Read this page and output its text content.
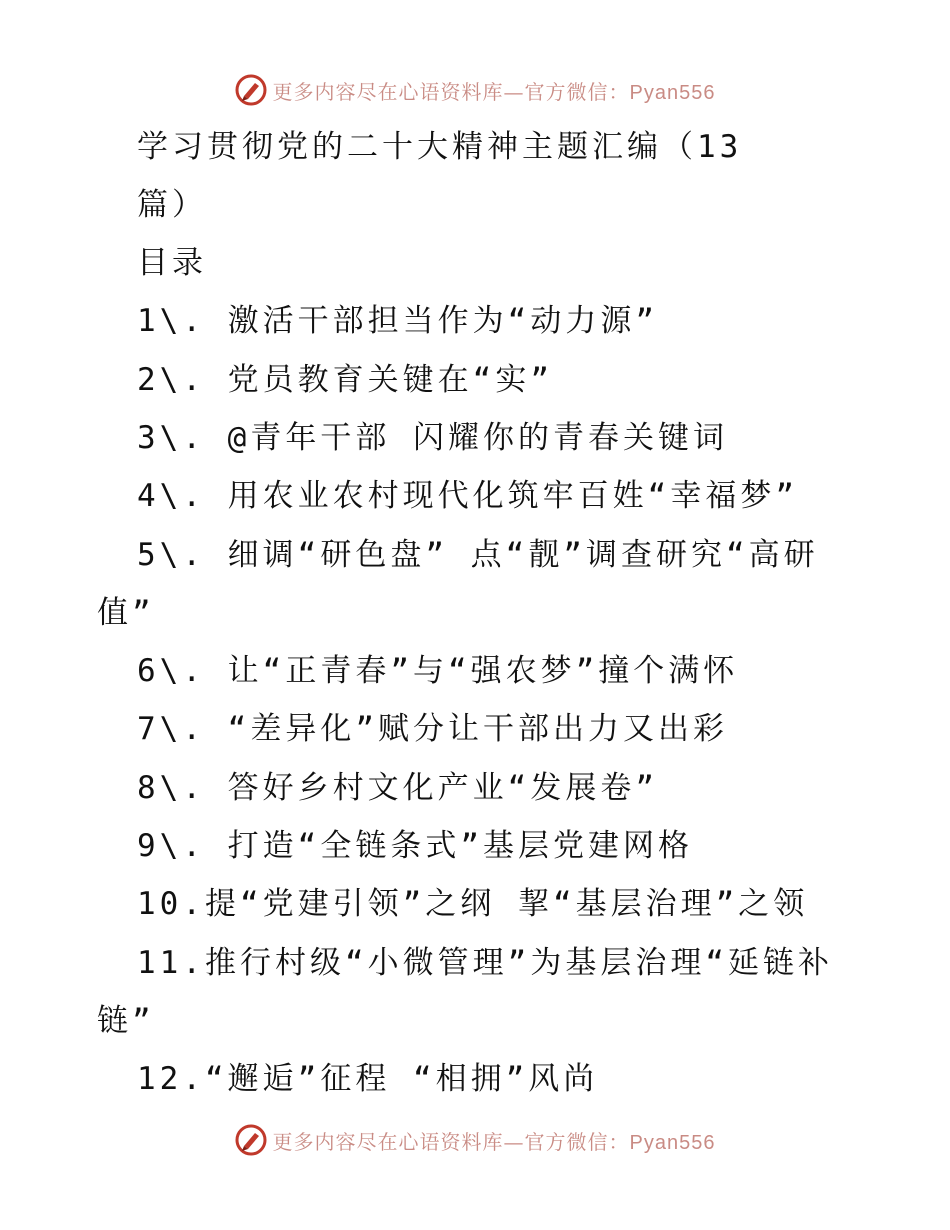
更多内容尽在心语资料库—官方微信：Pyan556
学习贯彻党的二十大精神主题汇编（13
篇）
目录
1\. 激活干部担当作为“动力源”
2\. 党员教育关键在“实”
3\. @青年干部 闪耀你的青春关键词
4\. 用农业农村现代化筑牢百姓“幸福梦”
5\. 细调“研色盘” 点“靓”调查研究“高研
值”
6\. 让“正青春”与“强农梦”撞个满怀
7\. “差异化”赋分让干部出力又出彩
8\. 答好乡村文化产业“发展卷”
9\. 打造“全链条式”基层党建网格
10.提“党建引领”之纲 挈“基层治理”之领
11.推行村级“小微管理”为基层治理“延链补
链”
12.“邂逅”征程 “相拥”风尚
更多内容尽在心语资料库—官方微信：Pyan556
